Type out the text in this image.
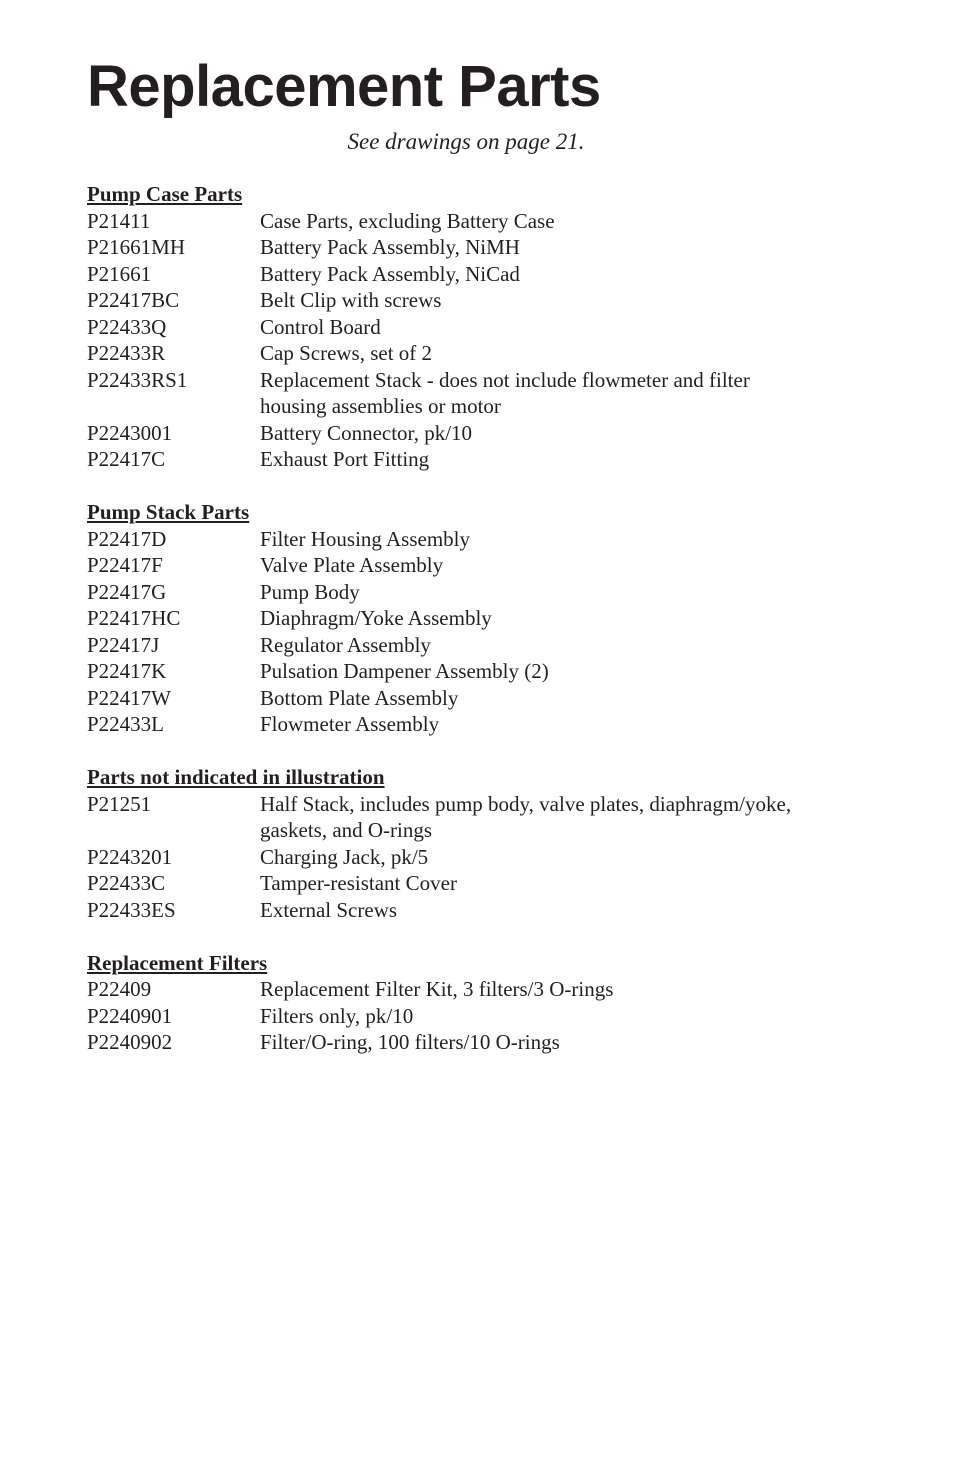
Replacement Parts
See drawings on page 21.
Pump Case Parts
P21411	Case Parts, excluding Battery Case
P21661MH	Battery Pack Assembly, NiMH
P21661	Battery Pack Assembly, NiCad
P22417BC	Belt Clip with screws
P22433Q	Control Board
P22433R	Cap Screws, set of 2
P22433RS1	Replacement Stack - does not include flowmeter and filter housing assemblies or motor
P2243001	Battery Connector, pk/10
P22417C	Exhaust Port Fitting
Pump Stack Parts
P22417D	Filter Housing Assembly
P22417F	Valve Plate Assembly
P22417G	Pump Body
P22417HC	Diaphragm/Yoke Assembly
P22417J	Regulator Assembly
P22417K	Pulsation Dampener Assembly (2)
P22417W	Bottom Plate Assembly
P22433L	Flowmeter Assembly
Parts not indicated in illustration
P21251	Half Stack, includes pump body, valve plates, diaphragm/yoke, gaskets, and O-rings
P2243201	Charging Jack, pk/5
P22433C	Tamper-resistant Cover
P22433ES	External Screws
Replacement Filters
P22409	Replacement Filter Kit, 3 filters/3 O-rings
P2240901	Filters only, pk/10
P2240902	Filter/O-ring, 100 filters/10 O-rings
